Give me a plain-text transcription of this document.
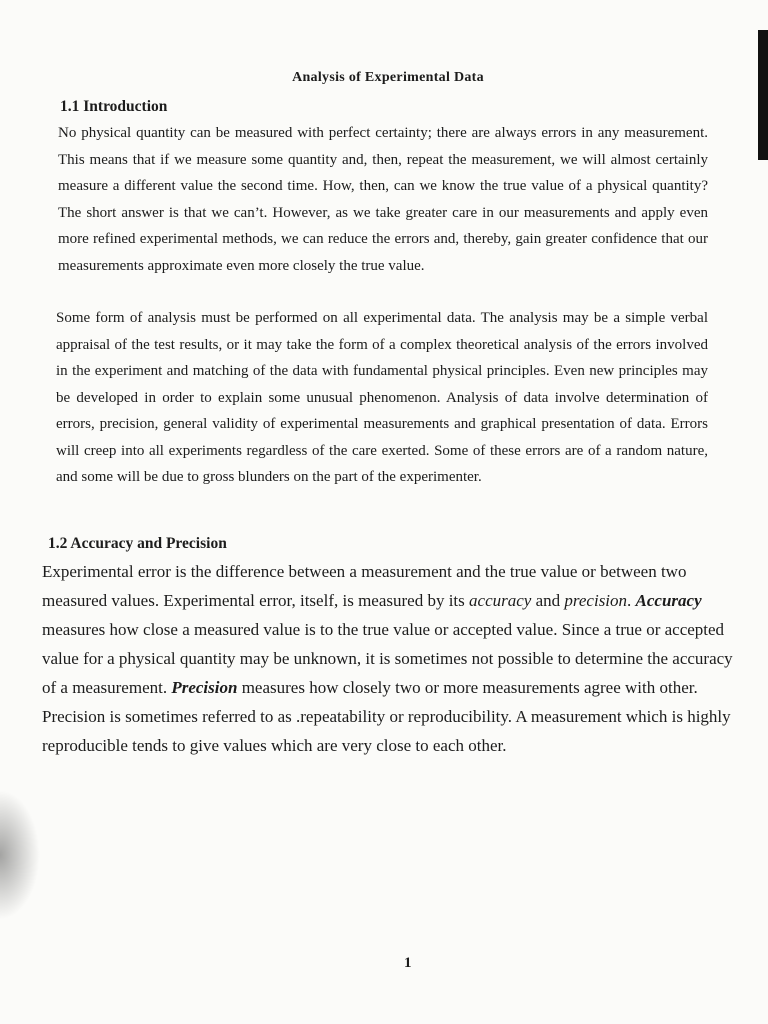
Analysis of Experimental Data
1.1 Introduction

No physical quantity can be measured with perfect certainty; there are always errors in any measurement. This means that if we measure some quantity and, then, repeat the measurement, we will almost certainly measure a different value the second time. How, then, can we know the true value of a physical quantity? The short answer is that we can’t. However, as we take greater care in our measurements and apply even more refined experimental methods, we can reduce the errors and, thereby, gain greater confidence that our measurements approximate even more closely the true value.

Some form of analysis must be performed on all experimental data. The analysis may be a simple verbal appraisal of the test results, or it may take the form of a complex theoretical analysis of the errors involved in the experiment and matching of the data with fundamental physical principles. Even new principles may be developed in order to explain some unusual phenomenon. Analysis of data involve determination of errors, precision, general validity of experimental measurements and graphical presentation of data. Errors will creep into all experiments regardless of the care exerted. Some of these errors are of a random nature, and some will be due to gross blunders on the part of the experimenter.

1.2 Accuracy and Precision

Experimental error is the difference between a measurement and the true value or between two measured values. Experimental error, itself, is measured by its accuracy and precision. Accuracy measures how close a measured value is to the true value or accepted value. Since a true or accepted value for a physical quantity may be unknown, it is sometimes not possible to determine the accuracy of a measurement. Precision measures how closely two or more measurements agree with other. Precision is sometimes referred to as .repeatability or reproducibility. A measurement which is highly reproducible tends to give values which are very close to each other.

1
